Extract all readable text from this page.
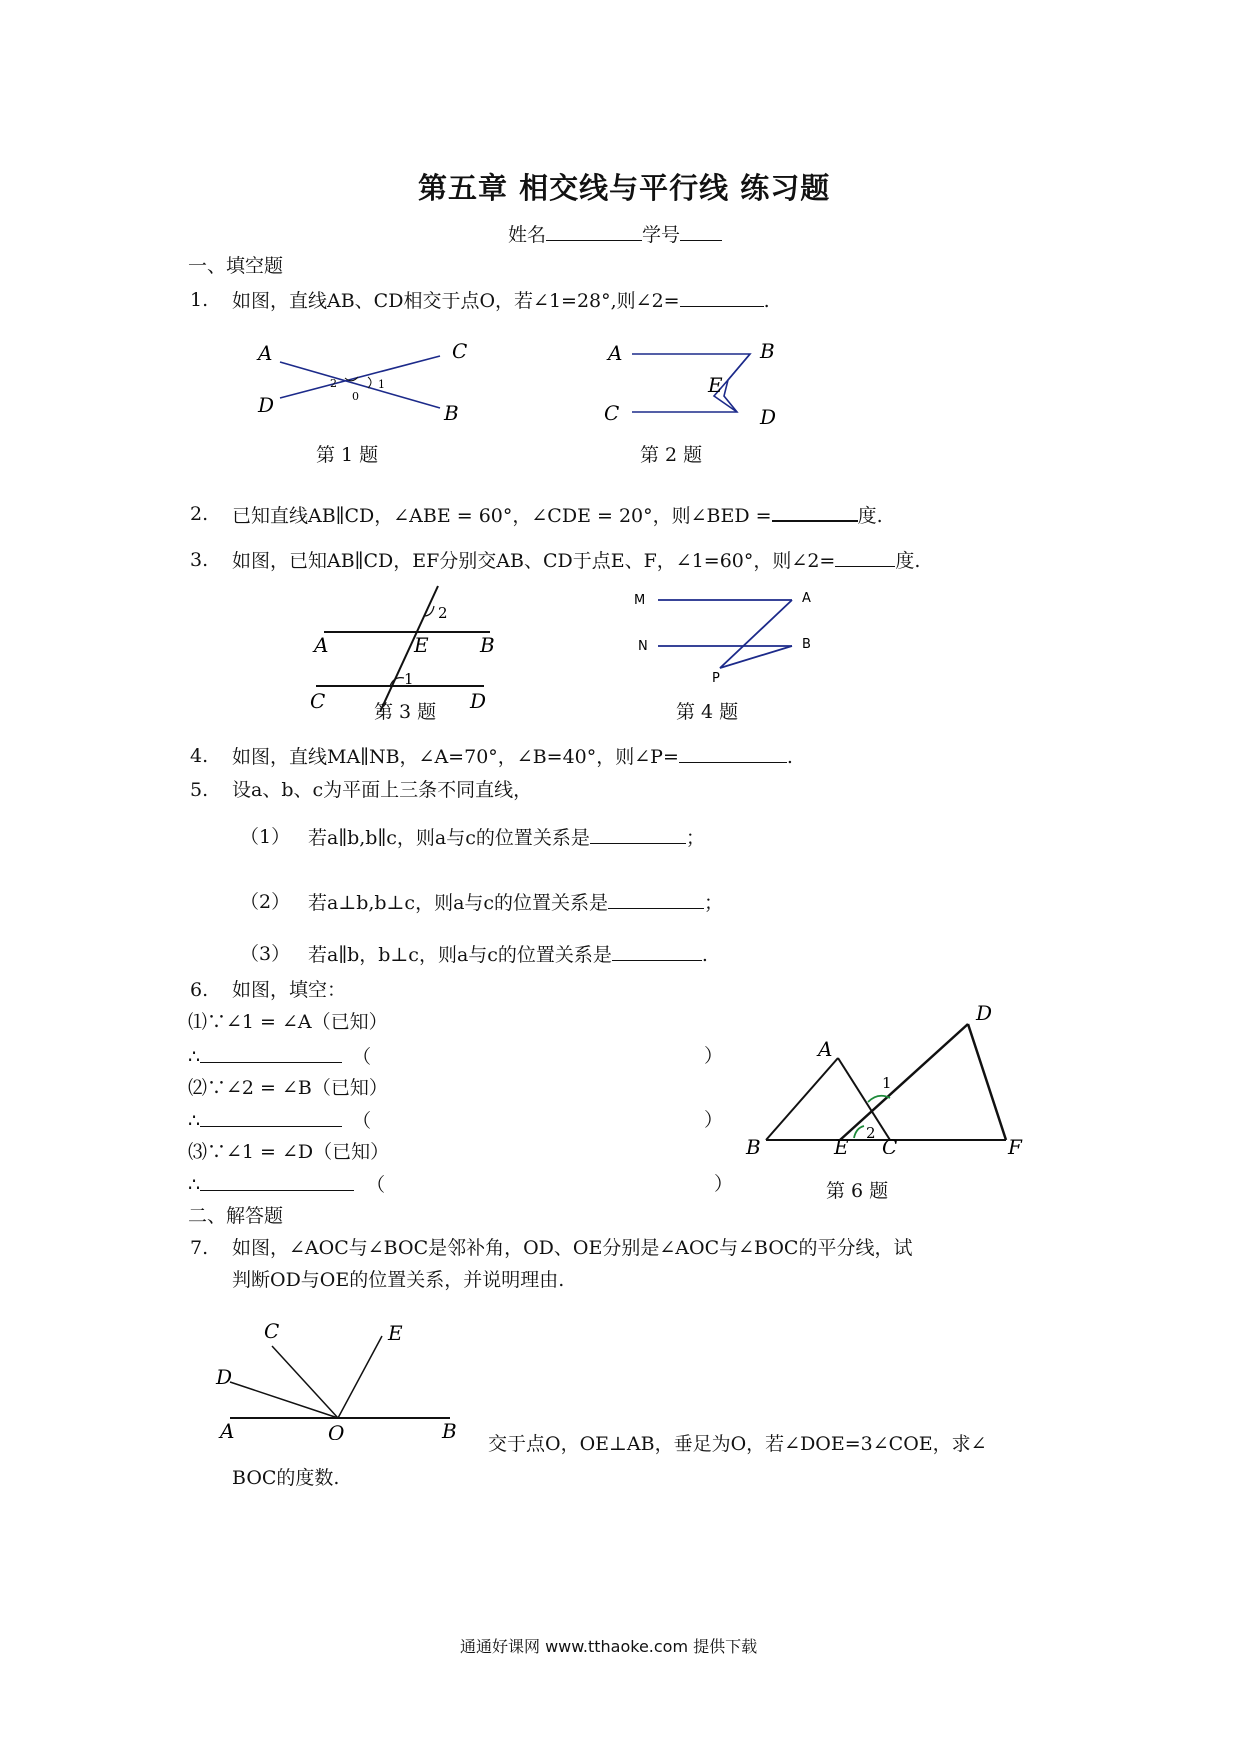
第五章 相交线与平行线 练习题
姓名	学号
一、填空题
1. 如图，直线AB、CD相交于点O，若∠1=28°,则∠2=	.
A	C
D	B
0
1
2
第 1 题
A	B
E
C	D
第 2 题
2. 已知直线AB∥CD，∠ABE = 60°，∠CDE = 20°，则∠BED =	度.
3. 如图，已知AB∥CD，EF分别交AB、CD于点E、F，∠1=60°，则∠2=	度.
A	E	B
2
1
C	D
第 3 题
M	A
N	B
P
第 4 题
4. 如图，直线MA∥NB，∠A=70°，∠B=40°，则∠P=	.
5. 设a、b、c为平面上三条不同直线，
（1） 若a∥b,b∥c，则a与c的位置关系是	；
（2） 若a⊥b,b⊥c，则a与c的位置关系是	；
（3） 若a∥b，b⊥c，则a与c的位置关系是	.
6. 如图，填空：
⑴∵∠1 = ∠A（已知）
∴	（	）
⑵∵∠2 = ∠B（已知）
∴	（	）
⑶∵∠1 = ∠D（已知）
∴	（	）
A
D
1
2
B	E C	F
第 6 题
二、解答题
7. 如图，∠AOC与∠BOC是邻补角，OD、OE分别是∠AOC与∠BOC的平分线，试
判断OD与OE的位置关系，并说明理由.
C	E
D
A	O	B
交于点O，OE⊥AB，垂足为O，若∠DOE=3∠COE，求∠
BOC的度数.
通通好课网 www.tthaoke.com 提供下载
